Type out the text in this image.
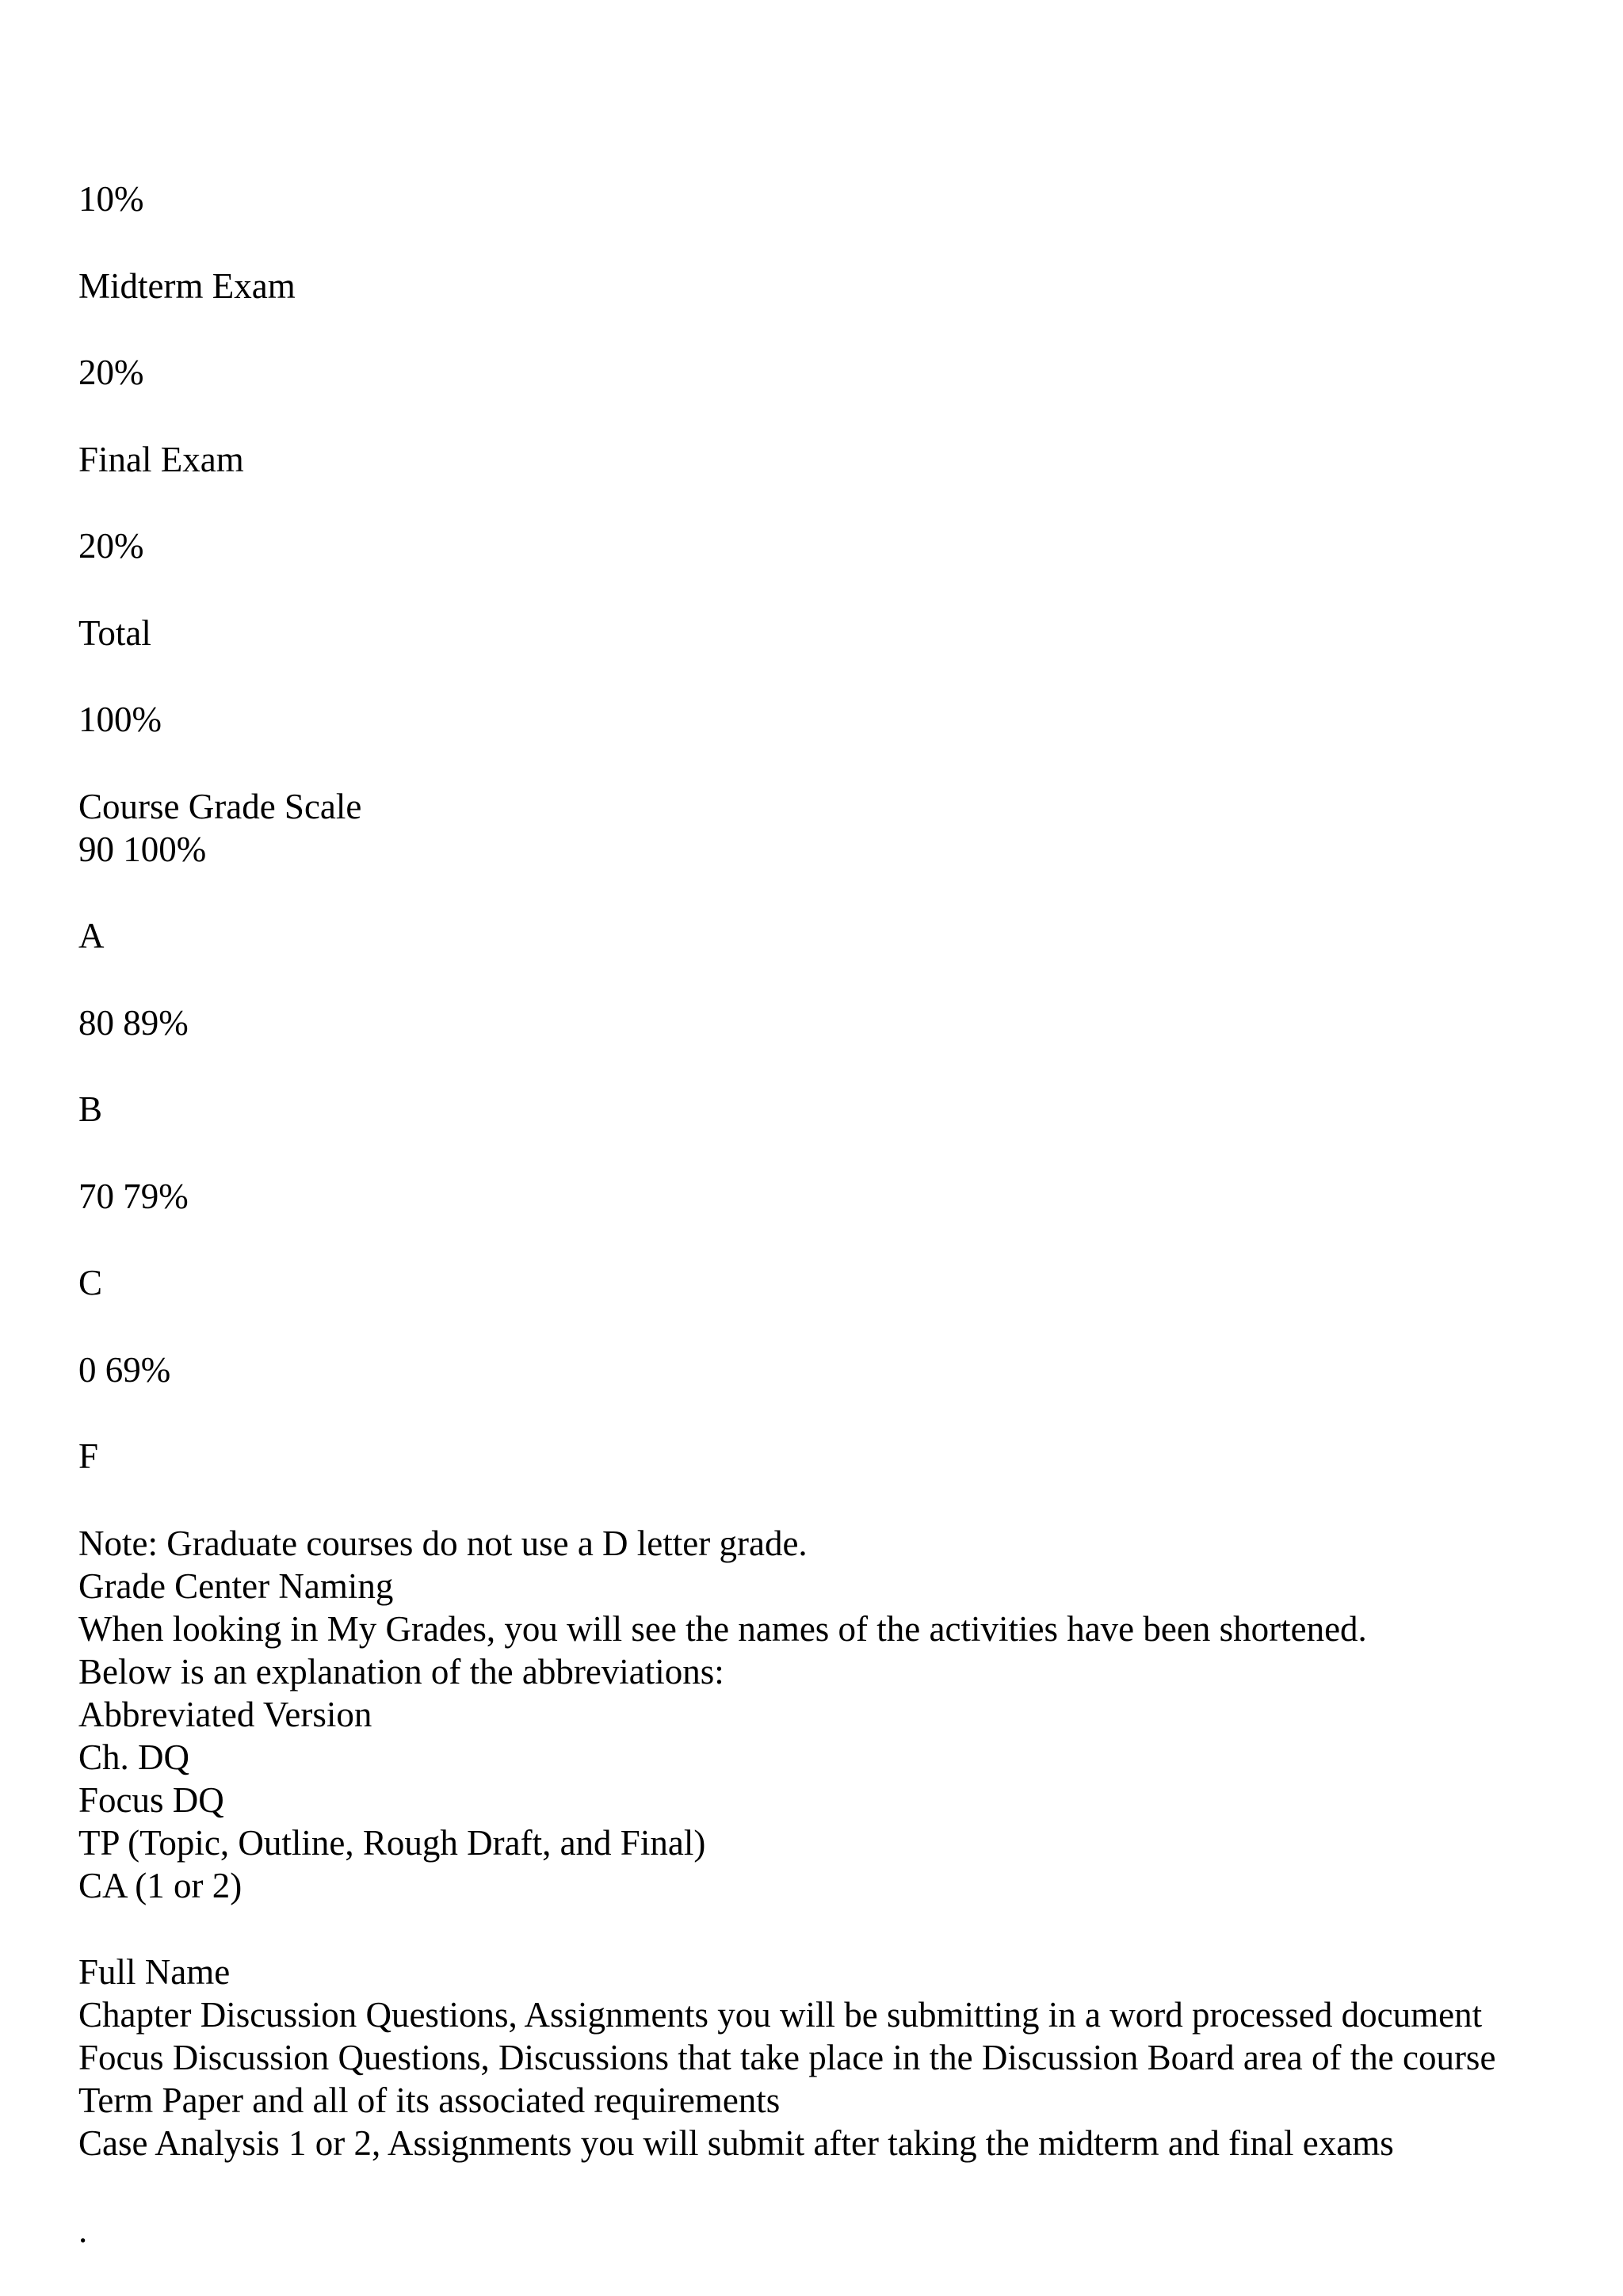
10%

Midterm Exam

20%

Final Exam

20%

Total

100%

Course Grade Scale

90 100%

A

80 89%

B

70 79%

C

0 69%

F

Note: Graduate courses do not use a D letter grade.

Grade Center Naming

When looking in My Grades, you will see the names of the activities have been shortened.

Below is an explanation of the abbreviations:

Abbreviated Version

Ch. DQ

Focus DQ

TP (Topic, Outline, Rough Draft, and Final)

CA (1 or 2)

Full Name

Chapter Discussion Questions, Assignments you will be submitting in a word processed document

Focus Discussion Questions, Discussions that take place in the Discussion Board area of the course

Term Paper and all of its associated requirements

Case Analysis 1 or 2, Assignments you will submit after taking the midterm and final exams

.
